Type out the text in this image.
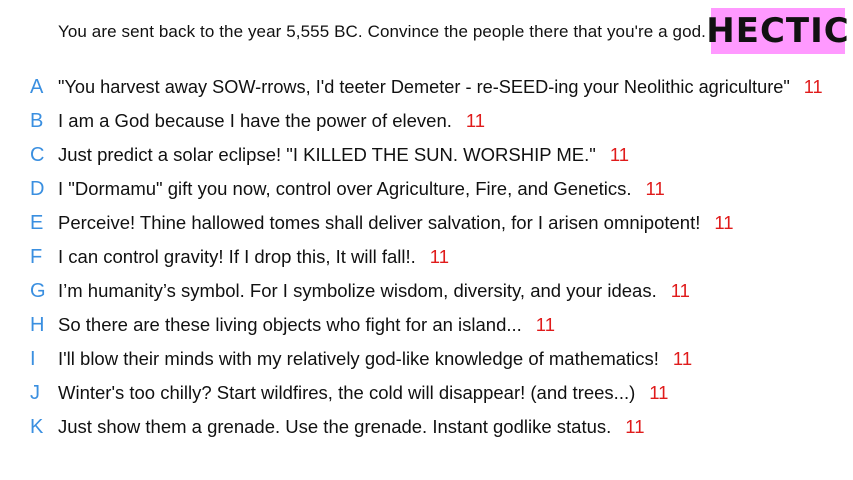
You are sent back to the year 5,555 BC. Convince the people there that you're a god. HECTIC
A "You harvest away SOW-rrows, I'd teeter Demeter - re-SEED-ing your Neolithic agriculture" 11
B I am a God because I have the power of eleven. 11
C Just predict a solar eclipse! "I KILLED THE SUN. WORSHIP ME." 11
D I "Dormamu" gift you now, control over Agriculture, Fire, and Genetics. 11
E Perceive! Thine hallowed tomes shall deliver salvation, for I arisen omnipotent! 11
F I can control gravity! If I drop this, It will fall!. 11
G I’m humanity’s symbol. For I symbolize wisdom, diversity, and your ideas. 11
H So there are these living objects who fight for an island... 11
I	I'll blow their minds with my relatively god-like knowledge of mathematics! 11
J Winter's too chilly? Start wildfires, the cold will disappear! (and trees...) 11
K Just show them a grenade. Use the grenade. Instant godlike status. 11
